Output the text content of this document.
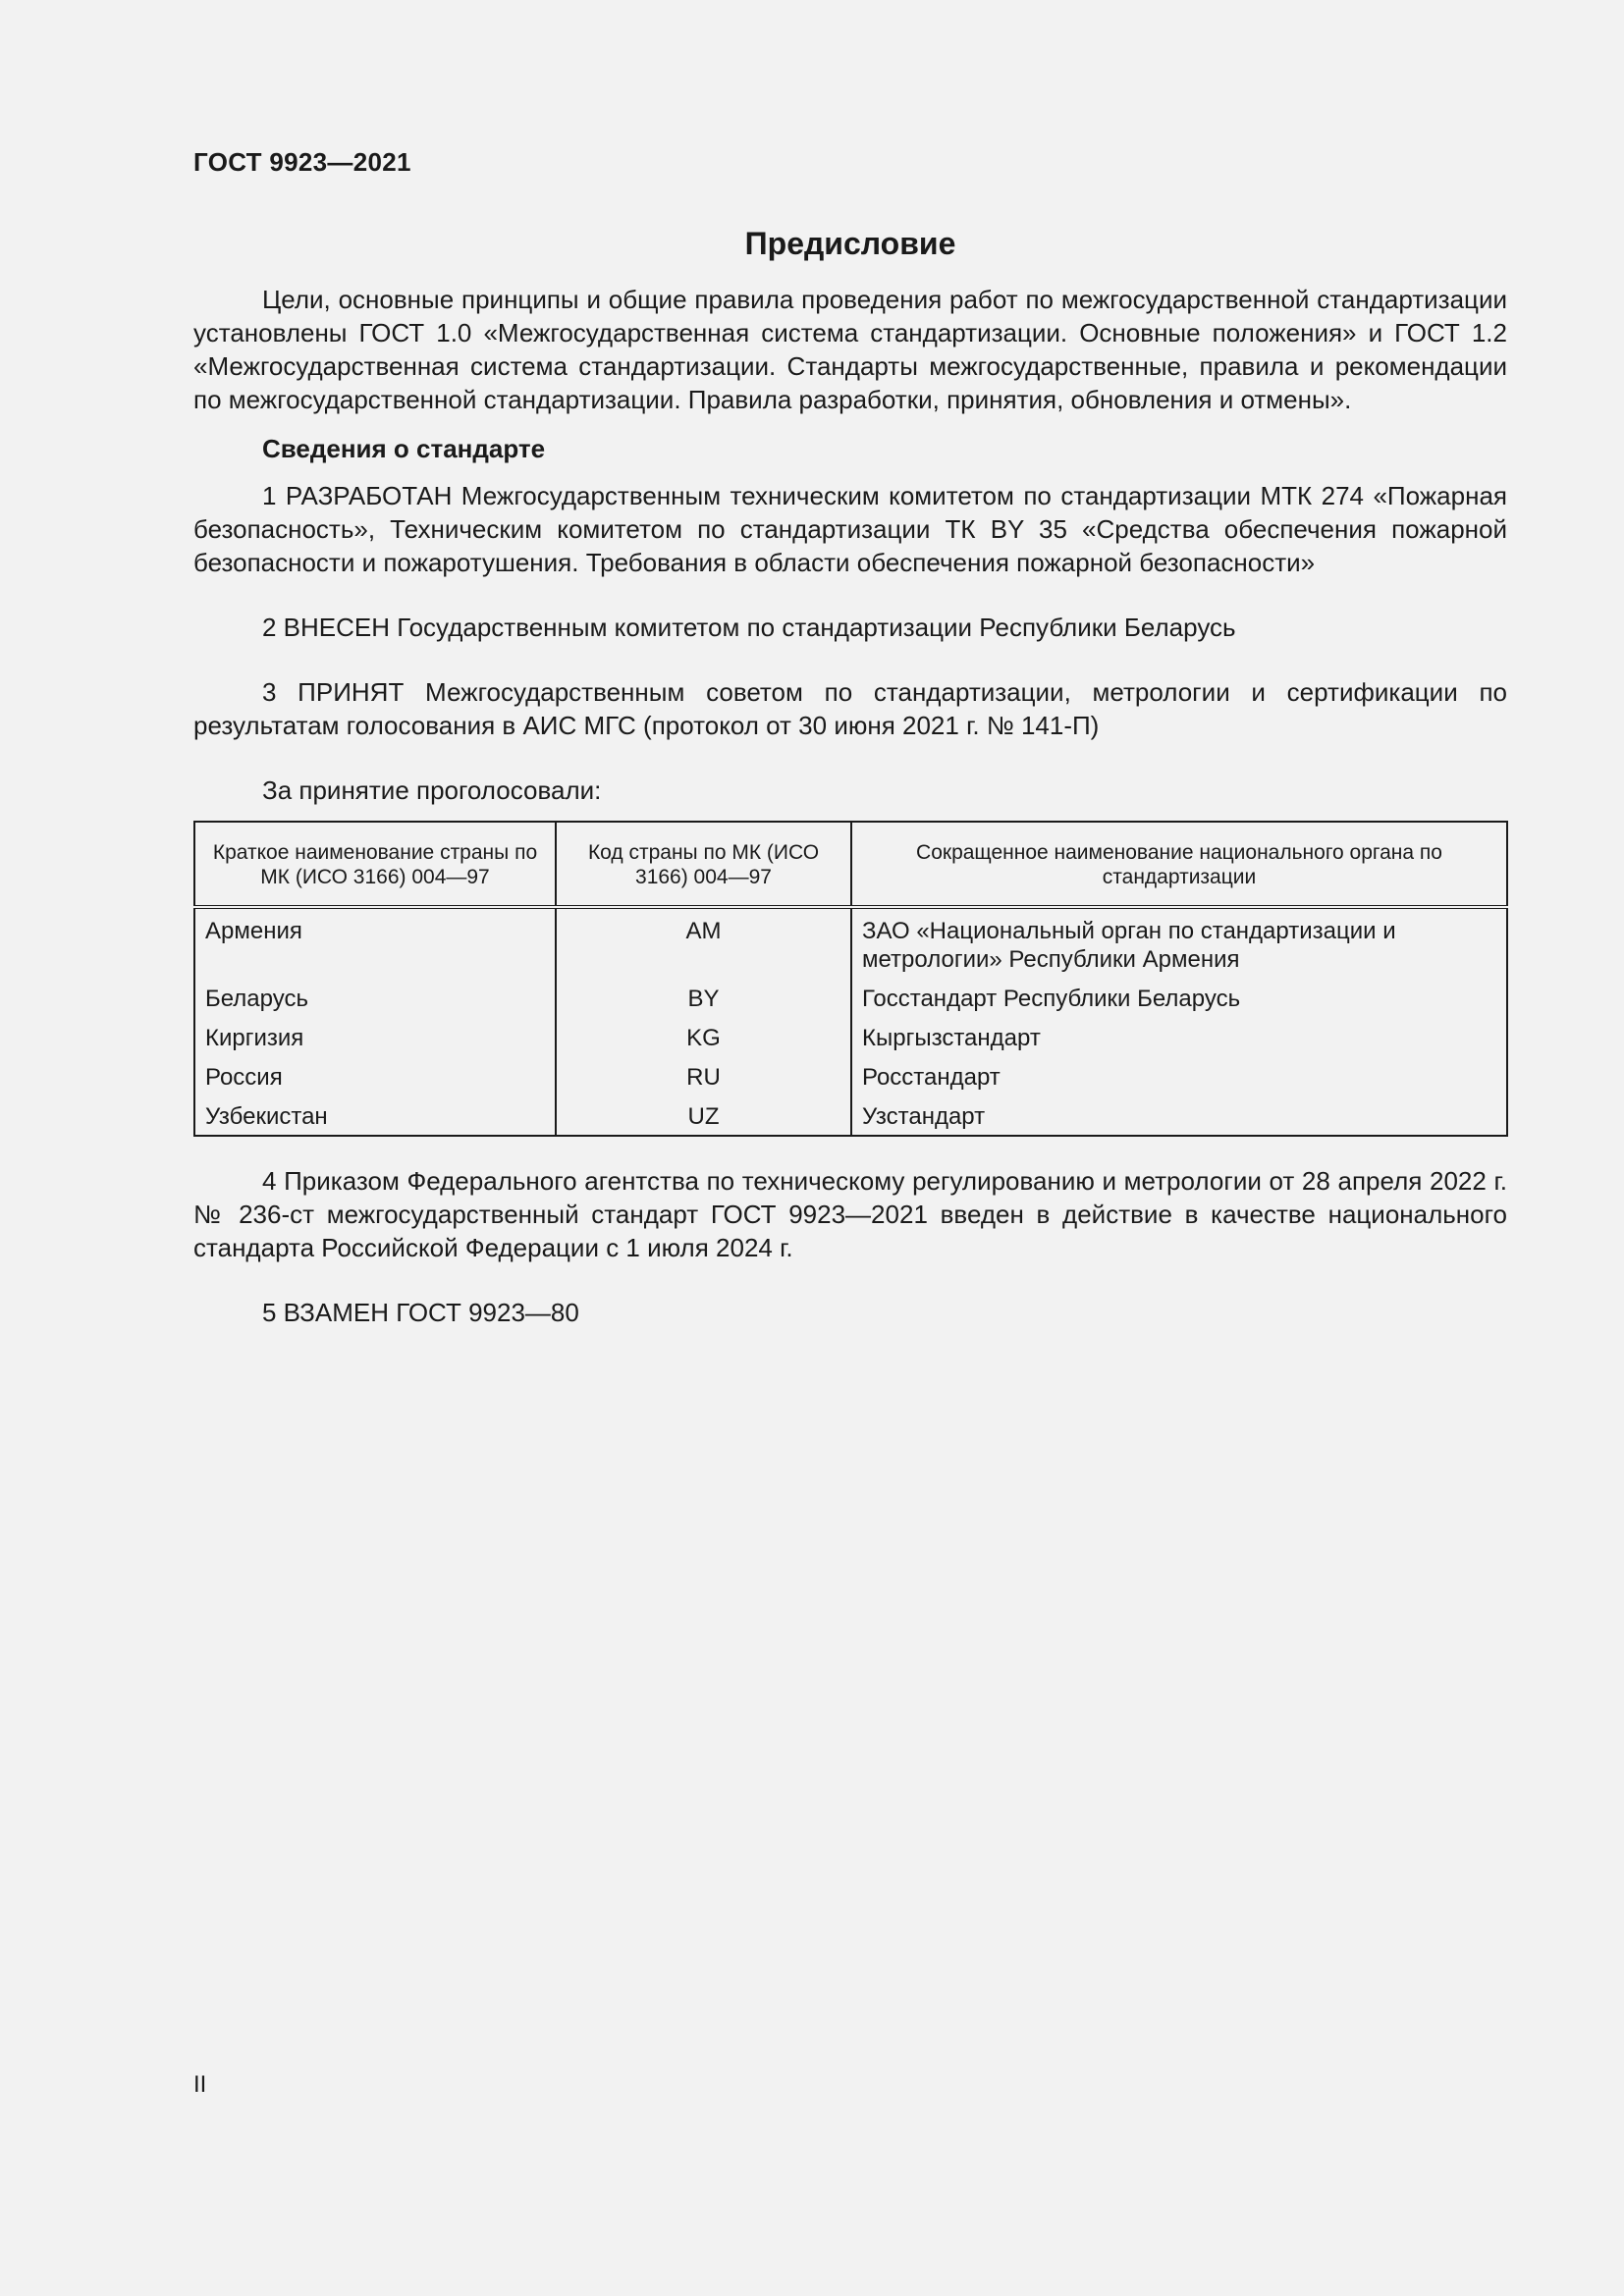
ГОСТ 9923—2021
Предисловие

Цели, основные принципы и общие правила проведения работ по межгосударственной стандартизации установлены ГОСТ 1.0 «Межгосударственная система стандартизации. Основные положения» и ГОСТ 1.2 «Межгосударственная система стандартизации. Стандарты межгосударственные, правила и рекомендации по межгосударственной стандартизации. Правила разработки, принятия, обновления и отмены».

Сведения о стандарте

1 РАЗРАБОТАН Межгосударственным техническим комитетом по стандартизации МТК 274 «Пожарная безопасность», Техническим комитетом по стандартизации ТК BY 35 «Средства обеспечения пожарной безопасности и пожаротушения. Требования в области обеспечения пожарной безопасности»

2 ВНЕСЕН Государственным комитетом по стандартизации Республики Беларусь

3 ПРИНЯТ Межгосударственным советом по стандартизации, метрологии и сертификации по результатам голосования в АИС МГС (протокол от 30 июня 2021 г. № 141-П)

За принятие проголосовали:

Краткое наименование страны по МК (ИСО 3166) 004—97	Код страны по МК (ИСО 3166) 004—97	Сокращенное наименование национального органа по стандартизации
Армения	AM	ЗАО «Национальный орган по стандартизации и метрологии» Республики Армения
Беларусь	BY	Госстандарт Республики Беларусь
Киргизия	KG	Кыргызстандарт
Россия	RU	Росстандарт
Узбекистан	UZ	Узстандарт

4 Приказом Федерального агентства по техническому регулированию и метрологии от 28 апреля 2022 г. № 236-ст межгосударственный стандарт ГОСТ 9923—2021 введен в действие в качестве национального стандарта Российской Федерации с 1 июля 2024 г.

5 ВЗАМЕН ГОСТ 9923—80

II
